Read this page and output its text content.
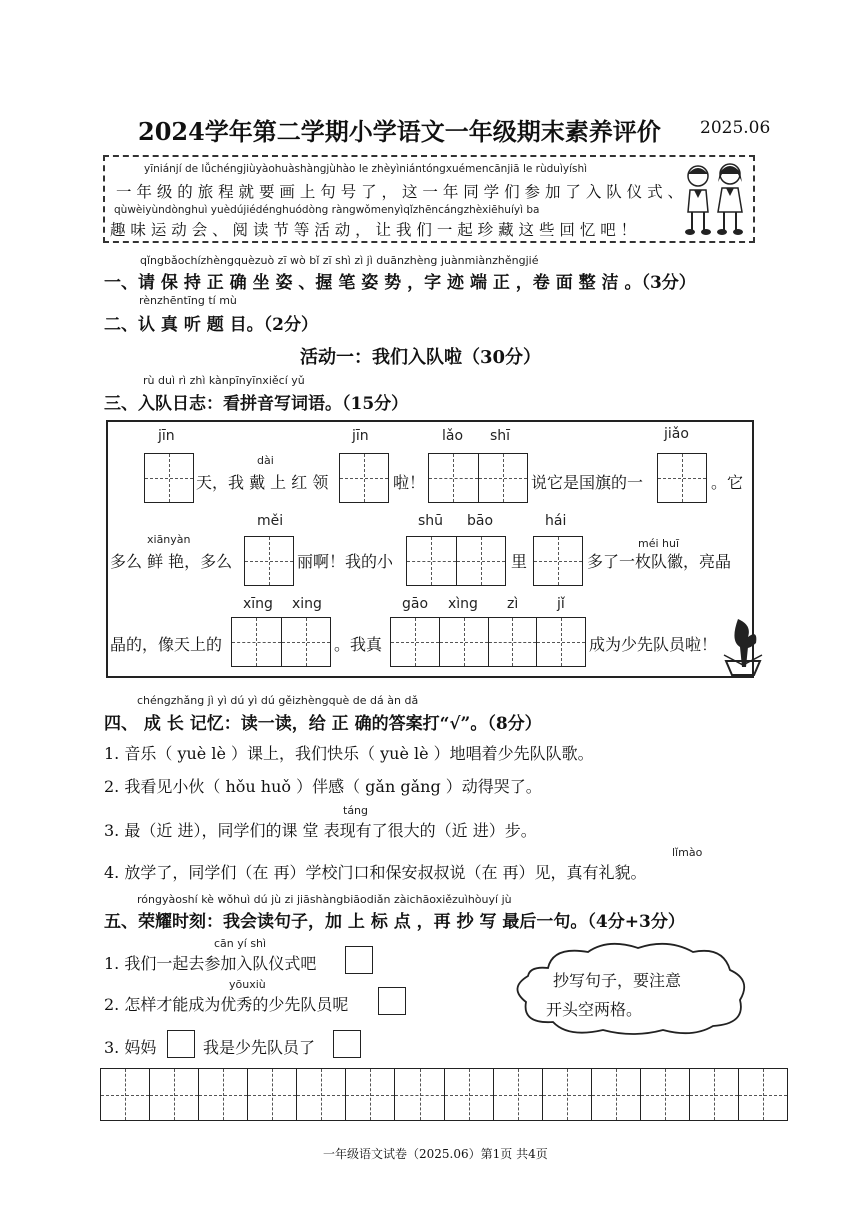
2024学年第二学期小学语文一年级期末素养评价 2025.06
yīniánjí de lǚchéngjiùyàohuàshàngjùhào le zhèyìniántóngxuémencānjiā le rùduìyíshì
一 年 级 的 旅 程 就 要 画 上 句 号 了 ， 这 一 年 同 学 们 参 加 了 入 队 仪 式 、
qùwèiyùndònghuì yuèdújiédénghuódòng ràngwǒmenyìqǐzhēncángzhèxiēhuíyì ba
趣 味 运 动 会 、 阅 读 节 等 活 动 ， 让 我 们 一 起 珍 藏 这 些 回 忆 吧 ！
qǐngbǎochízhèngquèzuò zī wò bǐ zī shì zì jì duānzhèng juànmiànzhěngjié
一、请 保 持 正 确 坐 姿 、握 笔 姿 势 ，字 迹 端 正 ，卷 面 整 洁 。（3分）
rènzhēntīng tí mù
二、认 真 听 题 目。（2分）
活动一：我们入队啦（30分）
rù duì rì zhì kànpīnyīnxiěcí yǔ
三、入队日志：看拼音写词语。（15分）
jīn
dài
天，我 戴 上 红 领
jīn
啦！
lǎo shī
说它是国旗的一
jiǎo
。它
xiānyàn
多么 鲜 艳，多么
měi
丽啊！我的小
shū bāo
里
hái
méi huī
多了一枚队徽，亮晶
晶的，像天上的
xīng xing
。我真
gāo xìng zì	jǐ
成为少先队员啦！
chéngzhǎng jì yì dú yì dú gěizhèngquè de dá àn dǎ
四、 成 长 记忆：读一读，给 正 确的答案打“√”。（8分）
1. 音乐（ yuè lè ）课上，我们快乐（ yuè lè ）地唱着少先队队歌。
2. 我看见小伙（ hǒu huǒ ）伴感（ gǎn gǎng ）动得哭了。
táng
3. 最（近 进），同学们的课 堂 表现有了很大的（近 进）步。
lǐmào
4. 放学了，同学们（在 再）学校门口和保安叔叔说（在 再）见，真有礼貌。
róngyàoshí kè wǒhuì dú jù zi jiāshàngbiāodiǎn zàichāoxiězuìhòuyí jù
五、荣耀时刻：我会读句子，加 上 标 点 ，再 抄 写 最后一句。（4分+3分）
cān yí shì
1. 我们一起去参加入队仪式吧
yōuxiù
2. 怎样才能成为优秀的少先队员呢
3. 妈妈	我是少先队员了
抄写句子，要注意
开头空两格。
一年级语文试卷（2025.06）第1页 共4页
